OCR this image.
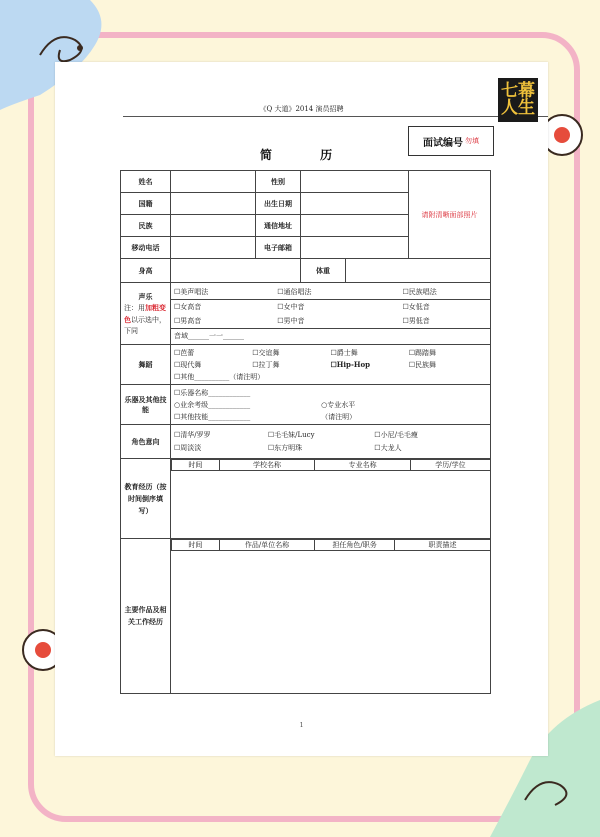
《Q 大道》2014 演员招聘
七幕
人生
简 历
面试编号 勿填
姓名		性别		请附清晰面部照片
国籍		出生日期	
民族		通信地址	
移动电话		电子邮箱	
身高		体重	

声乐
注：用加粗变色以示选中，下同	
☐美声唱法	☐通俗唱法	☐民族唱法
☐女高音	☐女中音	☐女低音
☐男高音	☐男中音	☐男低音
音域______一一______

舞蹈	
☐芭蕾	☐交谊舞	☐爵士舞	☐踢踏舞
☐现代舞	☐拉丁舞	☐Hip-Hop	☐民族舞
☐其他__________（请注明）

乐器及其他技能	
☐乐器名称____________
○业余考级____________	○专业水平
☐其他技能____________	（请注明）

角色意向	
☐清华/罗罗	☐毛毛妹/Lucy	☐小尼/毛毛瘦
☐周淡淡	☐东方明珠	☐大龙人

教育经历（按时间倒序填写）	
时间	学校名称	专业名称	学历/学位

主要作品及相关工作经历	
时间	作品/单位名称	担任角色/职务	职责描述
1
